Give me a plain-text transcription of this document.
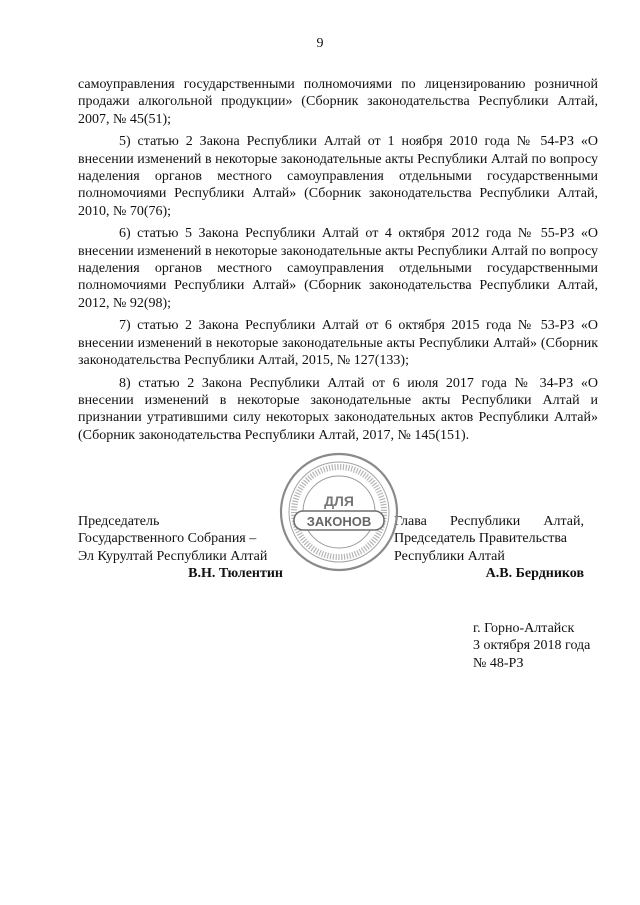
9

самоуправления государственными полномочиями по лицензированию розничной продажи алкогольной продукции» (Сборник законодательства Республики Алтай, 2007, № 45(51);

5) статью 2 Закона Республики Алтай от 1 ноября 2010 года № 54-РЗ «О внесении изменений в некоторые законодательные акты Республики Алтай по вопросу наделения органов местного самоуправления отдельными государственными полномочиями Республики Алтай» (Сборник законодательства Республики Алтай, 2010, № 70(76);

6) статью 5 Закона Республики Алтай от 4 октября 2012 года № 55-РЗ «О внесении изменений в некоторые законодательные акты Республики Алтай по вопросу наделения органов местного самоуправления отдельными государственными полномочиями Республики Алтай» (Сборник законодательства Республики Алтай, 2012, № 92(98);

7) статью 2 Закона Республики Алтай от 6 октября 2015 года № 53-РЗ «О внесении изменений в некоторые законодательные акты Республики Алтай» (Сборник законодательства Республики Алтай, 2015, № 127(133);

8) статью 2 Закона Республики Алтай от 6 июля 2017 года № 34-РЗ «О внесении изменений в некоторые законодательные акты Республики Алтай и признании утратившими силу некоторых законодательных актов Республики Алтай» (Сборник законодательства Республики Алтай, 2017, № 145(151).

Председатель
Государственного Собрания –
Эл Курултай Республики Алтай
В.Н. Тюлентин
Глава Республики Алтай,
Председатель Правительства
Республики Алтай
А.В. Бердников
г. Горно-Алтайск
3 октября 2018 года
№ 48-РЗ
ДЛЯ
ЗАКОНОВ
